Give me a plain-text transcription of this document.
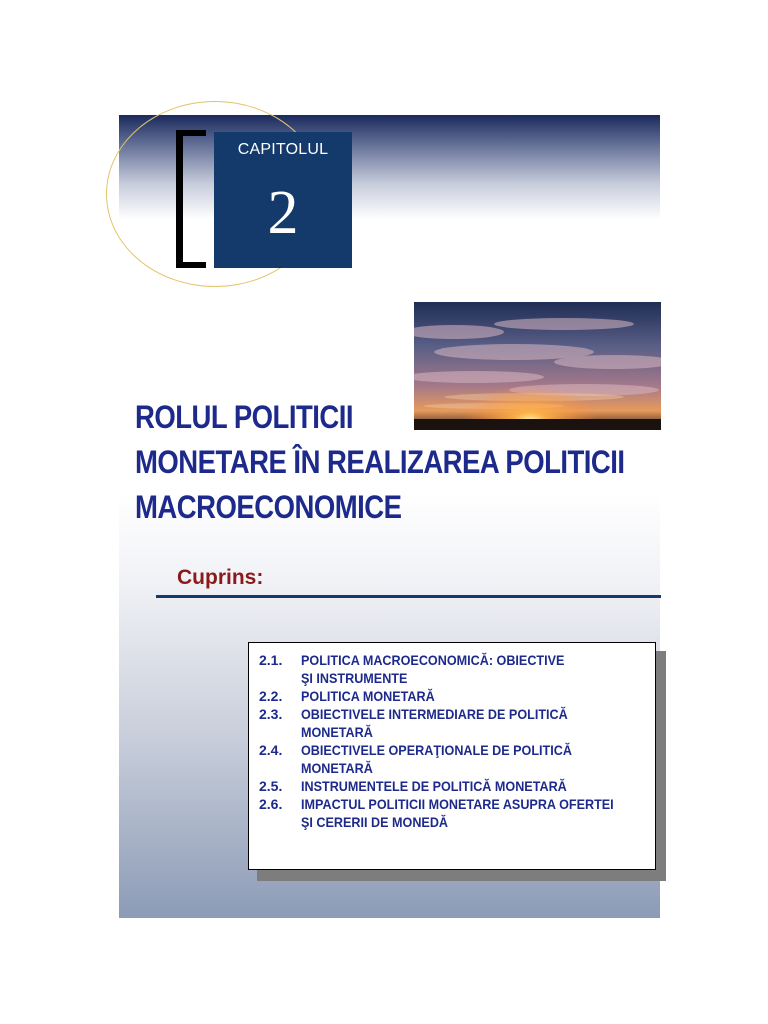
CAPITOLUL
2
ROLUL POLITICII
MONETARE ÎN REALIZAREA POLITICII
MACROECONOMICE
Cuprins:
2.1.	POLITICA MACROECONOMICĂ: OBIECTIVE
ŞI INSTRUMENTE
2.2.	POLITICA MONETARĂ
2.3.	OBIECTIVELE INTERMEDIARE DE POLITICĂ
MONETARĂ
2.4.	OBIECTIVELE OPERAŢIONALE DE POLITICĂ
MONETARĂ
2.5.	INSTRUMENTELE DE POLITICĂ MONETARĂ
2.6.	IMPACTUL POLITICII MONETARE ASUPRA OFERTEI
ŞI CERERII DE MONEDĂ
